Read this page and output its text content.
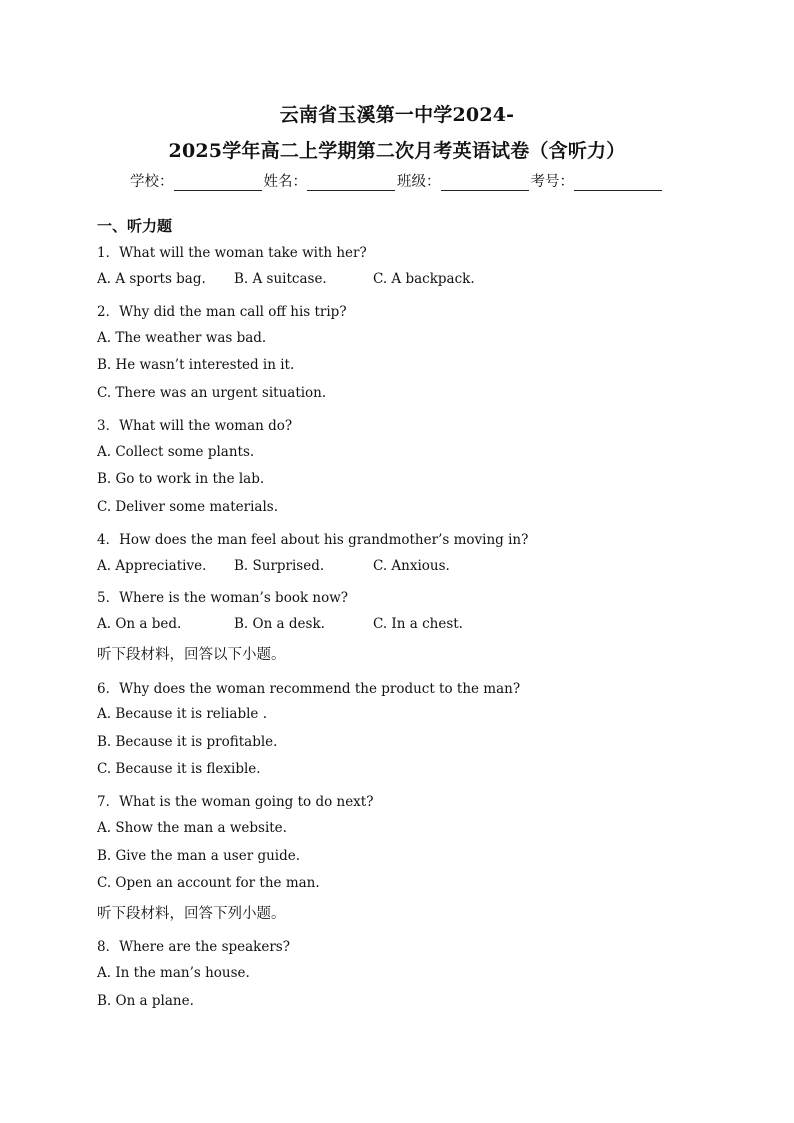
云南省玉溪第一中学2024-
2025学年高二上学期第二次月考英语试卷（含听力）
学校：	姓名：	班级：	考号：
一、听力题
1．What will the woman take with her?
A. A sports bag. B. A suitcase.	C. A backpack.
2．Why did the man call off his trip?
A. The weather was bad.
B. He wasn’t interested in it.
C. There was an urgent situation.
3．What will the woman do?
A. Collect some plants.
B. Go to work in the lab.
C. Deliver some materials.
4．How does the man feel about his grandmother’s moving in?
A. Appreciative. B. Surprised.	C. Anxious.
5．Where is the woman’s book now?
A. On a bed.	B. On a desk.	C. In a chest.
听下段材料，回答以下小题。
6．Why does the woman recommend the product to the man?
A. Because it is reliable .
B. Because it is profitable.
C. Because it is flexible.
7．What is the woman going to do next?
A. Show the man a website.
B. Give the man a user guide.
C. Open an account for the man.
听下段材料，回答下列小题。
8．Where are the speakers?
A. In the man’s house.
B. On a plane.
